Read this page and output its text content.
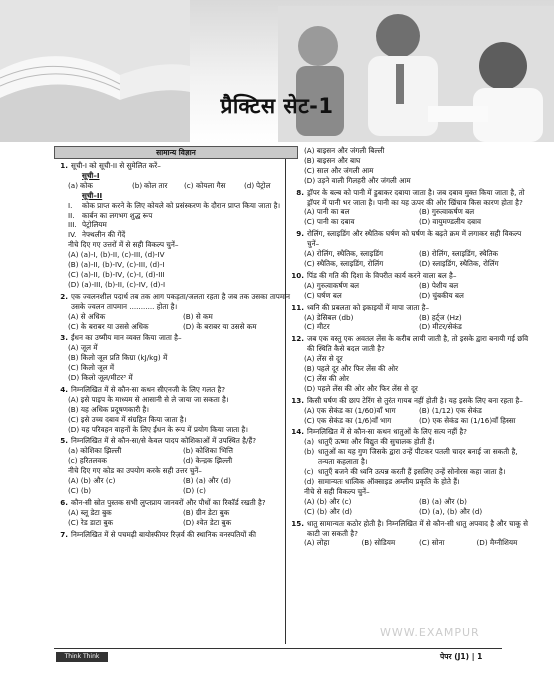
प्रैक्टिस सेट-1
सामान्य विज्ञान
1. सूची-I को सूची-II से सुमेलित करें–
सूची–I
(a) कोक	(b) कोल तार	(c) कोयला गैस	(d) पेट्रोल
सूची–II
I.	कोक प्राप्त करने के लिए कोयले को प्रसंस्करण के दौरान प्राप्त किया जाता है।
II.	कार्बन का लगभग शुद्ध रूप
III. पेट्रोलियम
IV. नेफ्थलीन की गेंदें
नीचे दिए गए उत्तरों में से सही विकल्प चुनें–
(A) (a)-I, (b)-II, (c)-III, (d)-IV
(B) (a)-II, (b)-IV, (c)-III, (d)-I
(C) (a)-II, (b)-IV, (c)-I, (d)-III
(D) (a)-III, (b)-II, (c)-IV, (d)-I
2. एक ज्वलनशील पदार्थ तब तक आग पकड़ता/जलता रहता है जब तक उसका तापमान उसके ज्वलन तापमान ........... होता है।
(A) से अधिक	(B) से कम
(C) के बराबर या उससे अधिक	(D) के बराबर या उससे कम
3. ईंधन का उष्मीय मान व्यक्त किया जाता है–
(A) जूल में
(B) किलो जूल प्रति किग्रा (kJ/kg) में
(C) किलो जूल में
(D) किलो जूल/मीटर³ में
4. निम्नलिखित में से कौन-सा कथन सीएनजी के लिए गलत है?
(A) इसे पाइप के माध्यम से आसानी से ले जाया जा सकता है।
(B) यह अधिक प्रदूषणकारी है।
(C) इसे उच्च दबाव में संग्रहित किया जाता है।
(D) यह परिवहन वाहनों के लिए ईंधन के रूप में प्रयोग किया जाता है।
5. निम्नलिखित में से कौन-सा/से केवल पादप कोशिकाओं में उपस्थित है/हैं?
(a) कोशिका झिल्ली	(b) कोशिका भित्ति
(c) हरितलवक	(d) केन्द्रक झिल्ली
नीचे दिए गए कोड का उपयोग करके सही उत्तर चुनें–
(A) (b) और (c)	(B) (a) और (d)
(C) (b)	(D) (c)
6. कौन-सी स्रोत पुस्तक सभी लुप्तप्राय जानवरों और पौधों का रिकॉर्ड रखती है?
(A) ब्लू डेटा बुक	(B) ग्रीन डेटा बुक
(C) रेड डाटा बुक	(D) श्वेत डेटा बुक
7. निम्नलिखित में से पचमढ़ी बायोस्फीयर रिज़र्व की स्थानिक वनस्पतियों की
(A) बाइसन और जंगली बिल्ली
(B) बाइसन और बाघ
(C) साल और जंगली आम
(D) उड़ने वाली गिलहरी और जंगली आम
8. ड्रॉपर के बल्ब को पानी में डुबाकर दबाया जाता है। जब दबाव मुक्त किया जाता है, तो ड्रॉपर में पानी भर जाता है। पानी का यह ऊपर की ओर खिंचाव किस कारण होता है?
(A) पानी का बल	(B) गुरुत्वाकर्षण बल
(C) पानी का दबाव	(D) वायुमण्डलीय दबाव
9. रोलिंग, स्लाइडिंग और स्थैतिक घर्षण को घर्षण के बढ़ते क्रम में लगाकर सही विकल्प चुनें–
(A) रोलिंग, स्थैतिक, स्लाइडिंग	(B) रोलिंग, स्लाइडिंग, स्थैतिक
(C) स्थैतिक, स्लाइडिंग, रोलिंग	(D) स्लाइडिंग, स्थैतिक, रोलिंग
10. पिंड की गति की दिशा के विपरीत कार्य करने वाला बल है–
(A) गुरुत्वाकर्षण बल	(B) पेशीय बल
(C) घर्षण बल	(D) चुंबकीय बल
11. ध्वनि की प्रबलता को इकाइयों में मापा जाता है–
(A) डेसिबल (db)	(B) हर्ट्ज (Hz)
(C) मीटर	(D) मीटर/सेकंड
12. जब एक वस्तु एक अवतल लेंस के करीब लायी जाती है, तो इसके द्वारा बनायी गई छवि की स्थिति कैसे बदल जाती है?
(A) लेंस से दूर
(B) पहले दूर और फिर लेंस की ओर
(C) लेंस की ओर
(D) पहले लेंस की ओर और फिर लेंस से दूर
13. किसी घर्षण की छाप टेरिंग से तुरंत गायब नहीं होती है। यह इसके लिए बना रहता है–
(A) एक सेकंड का (1/60)वाँ भाग	(B) (1/12) एक सेकंड
(C) एक सेकंड का (1/6)वाँ भाग	(D) एक सेकंड का (1/16)वाँ हिस्सा
14. निम्नलिखित में से कौन-सा कथन धातुओं के लिए सत्य नहीं है?
(a) धातुएँ ऊष्मा और विद्युत की सुचालक होती हैं।
(b) धातुओं का यह गुण जिसके द्वारा उन्हें पीटकर पतली चादर बनाई जा सकती है, तन्यता कहलाता है।
(c) धातुएँ बजने की ध्वनि उत्पन्न करती हैं इसलिए उन्हें सोनोरस कहा जाता है।
(d) सामान्यतः धात्विक ऑक्साइड अम्लीय प्रकृति के होते हैं।
नीचे से सही विकल्प चुनें–
(A) (b) और (c)	(B) (a) और (b)
(C) (b) और (d)	(D) (a), (b) और (d)
15. धातु सामान्यतः कठोर होती है। निम्नलिखित में से कौन-सी धातु अपवाद है और चाकू से काटी जा सकती है?
(A) लोहा	(B) सोडियम	(C) सोना	(D) मैग्नीशियम
WWW.EXAMPUR
Think Think Think
पेपर (J1) | 1
